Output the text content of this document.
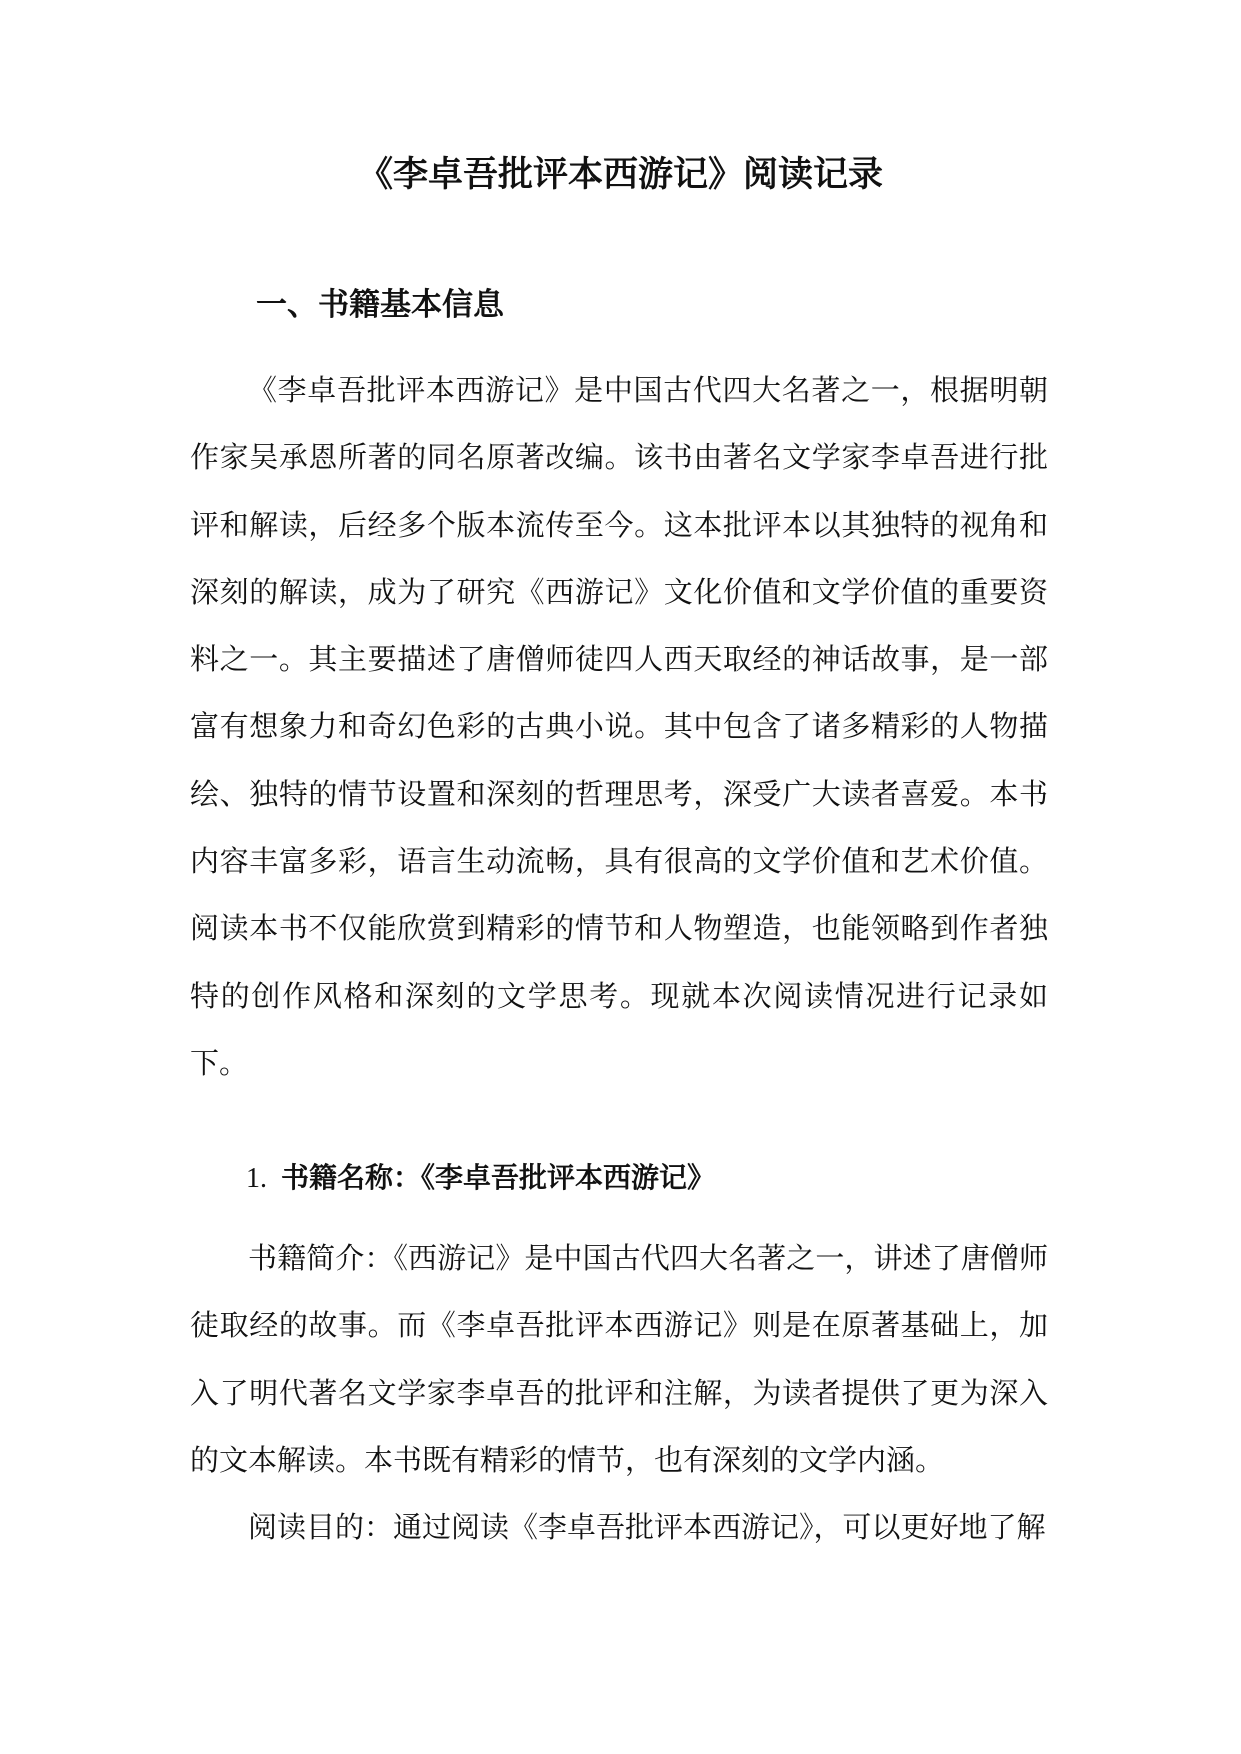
《李卓吾批评本西游记》阅读记录
一、书籍基本信息

《李卓吾批评本西游记》是中国古代四大名著之一，根据明朝作家吴承恩所著的同名原著改编。该书由著名文学家李卓吾进行批评和解读，后经多个版本流传至今。这本批评本以其独特的视角和深刻的解读，成为了研究《西游记》文化价值和文学价值的重要资料之一。其主要描述了唐僧师徒四人西天取经的神话故事，是一部富有想象力和奇幻色彩的古典小说。其中包含了诸多精彩的人物描绘、独特的情节设置和深刻的哲理思考，深受广大读者喜爱。本书内容丰富多彩，语言生动流畅，具有很高的文学价值和艺术价值。阅读本书不仅能欣赏到精彩的情节和人物塑造，也能领略到作者独特的创作风格和深刻的文学思考。现就本次阅读情况进行记录如下。

1. 书籍名称：《李卓吾批评本西游记》

书籍简介：《西游记》是中国古代四大名著之一，讲述了唐僧师徒取经的故事。而《李卓吾批评本西游记》则是在原著基础上，加入了明代著名文学家李卓吾的批评和注解，为读者提供了更为深入的文本解读。本书既有精彩的情节，也有深刻的文学内涵。

阅读目的：通过阅读《李卓吾批评本西游记》，可以更好地了解
